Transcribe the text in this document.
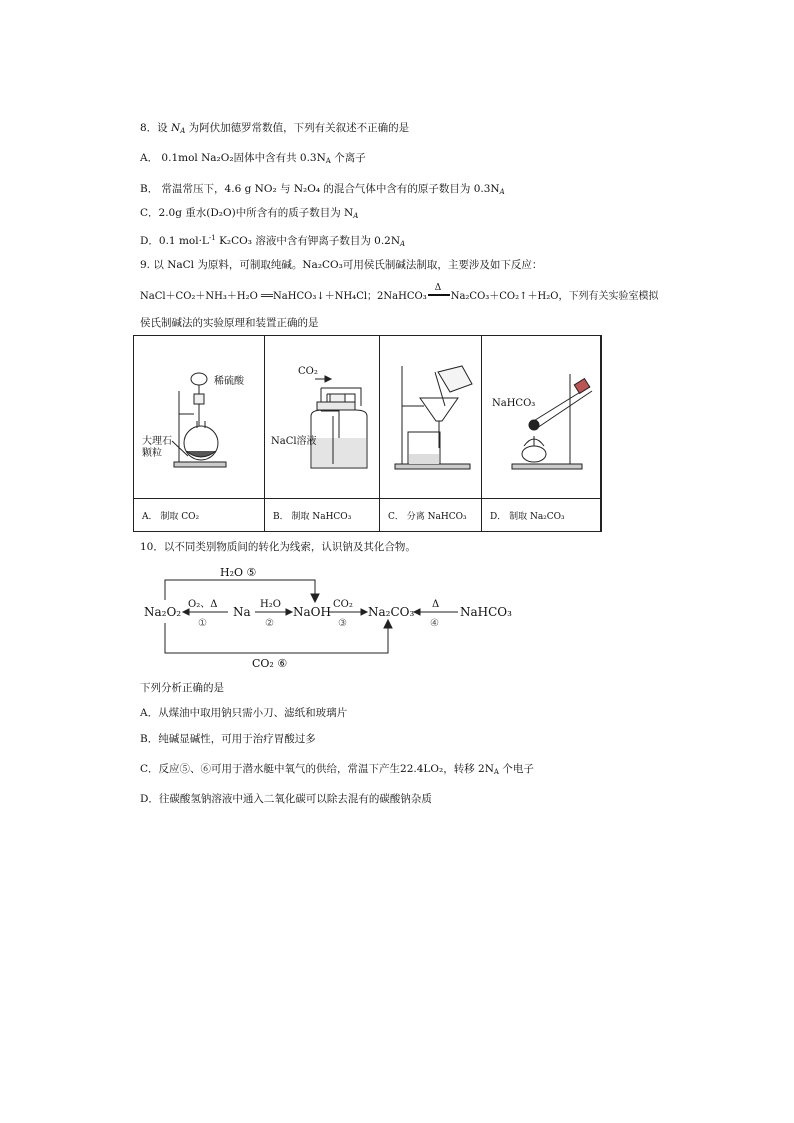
8．设 $N_A$ 为阿伏加德罗常数值，下列有关叙述不正确的是
A． 0.1mol Na₂O₂固体中含有共 $0.3N_A$ 个离子
B． 常温常压下，4.6 g NO₂ 与 N₂O₄ 的混合气体中含有的原子数目为 $0.3N_A$
C．2.0g 重水(D₂O)中所含有的质子数目为 $N_A$
D．0.1 $mol\cdot L^{-1}$ K₂CO₃ 溶液中含有钾离子数目为 $0.2N_A$
9. 以 NaCl 为原料，可制取纯碱。Na₂CO₃可用侯氏制碱法制取，主要涉及如下反应：
NaCl＋CO₂＋NH₃＋H₂O ══NaHCO₃↓＋NH₄Cl；2NaHCO₃
Δ
Na₂CO₃＋CO₂↑＋H₂O，下列有关实验室模拟
侯氏制碱法的实验原理和装置正确的是
稀硫酸
大理石
颗粒
CO₂
NaCl溶液
NaHCO₃
A． 制取 CO₂	B． 制取 NaHCO₃	C． 分离 NaHCO₃	D． 制取 Na₂CO₃
10．以不同类别物质间的转化为线索，认识钠及其化合物。
Na₂O₂	Na	NaOH	Na₂CO₃	NaHCO₃
O₂、Δ
①
H₂O
②
CO₂
③
Δ
④
H₂O ⑤
CO₂ ⑥
下列分析正确的是
A．从煤油中取用钠只需小刀、滤纸和玻璃片
B．纯碱显碱性，可用于治疗胃酸过多
C．反应⑤、⑥可用于潜水艇中氧气的供给，常温下产生22.4LO₂，转移 $2N_A$ 个电子
D．往碳酸氢钠溶液中通入二氧化碳可以除去混有的碳酸钠杂质
